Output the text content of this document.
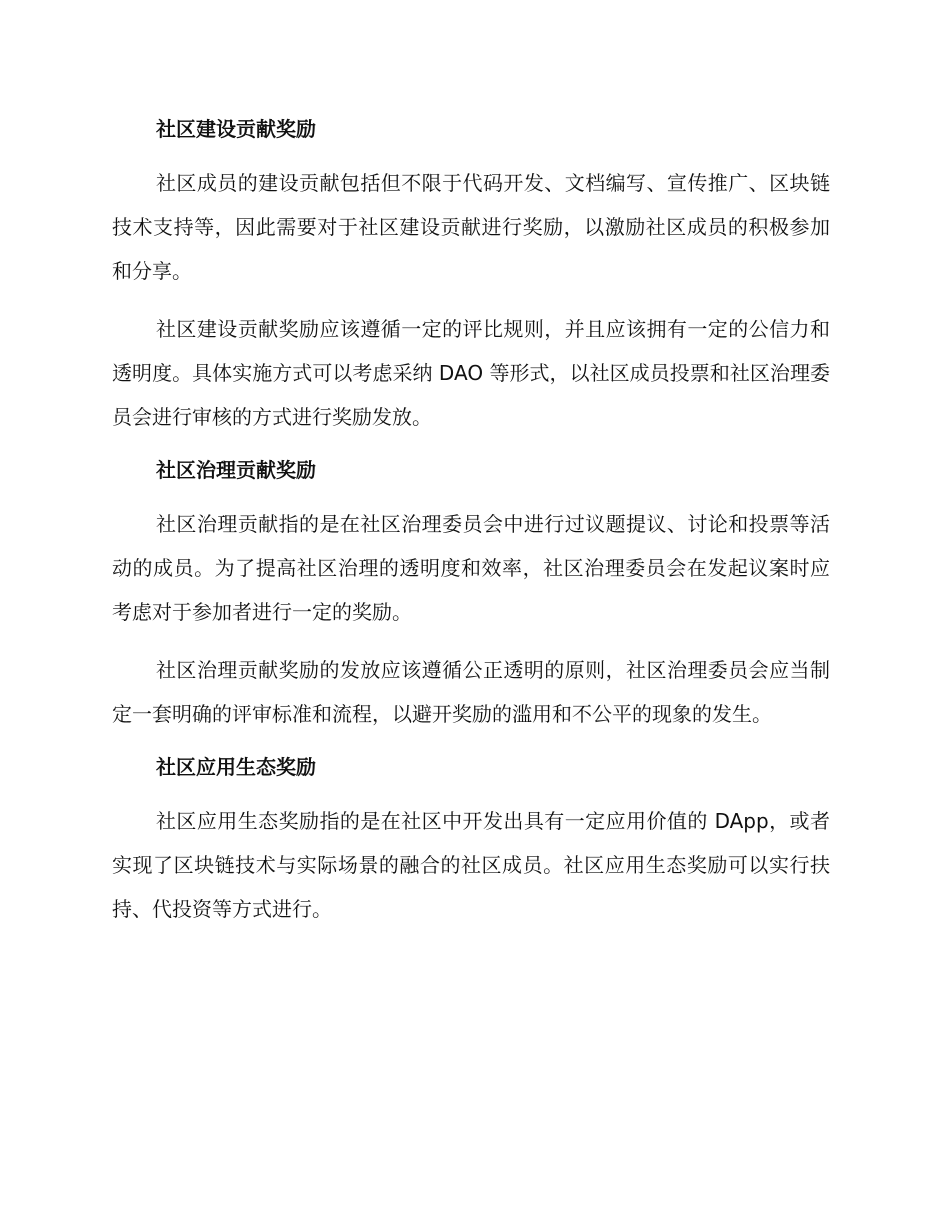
社区建设贡献奖励

社区成员的建设贡献包括但不限于代码开发、文档编写、宣传推广、区块链技术支持等，因此需要对于社区建设贡献进行奖励，以激励社区成员的积极参加和分享。

社区建设贡献奖励应该遵循一定的评比规则，并且应该拥有一定的公信力和透明度。具体实施方式可以考虑采纳 DAO 等形式，以社区成员投票和社区治理委员会进行审核的方式进行奖励发放。

社区治理贡献奖励

社区治理贡献指的是在社区治理委员会中进行过议题提议、讨论和投票等活动的成员。为了提高社区治理的透明度和效率，社区治理委员会在发起议案时应考虑对于参加者进行一定的奖励。

社区治理贡献奖励的发放应该遵循公正透明的原则，社区治理委员会应当制定一套明确的评审标准和流程，以避开奖励的滥用和不公平的现象的发生。

社区应用生态奖励

社区应用生态奖励指的是在社区中开发出具有一定应用价值的 DApp，或者实现了区块链技术与实际场景的融合的社区成员。社区应用生态奖励可以实行扶持、代投资等方式进行。
